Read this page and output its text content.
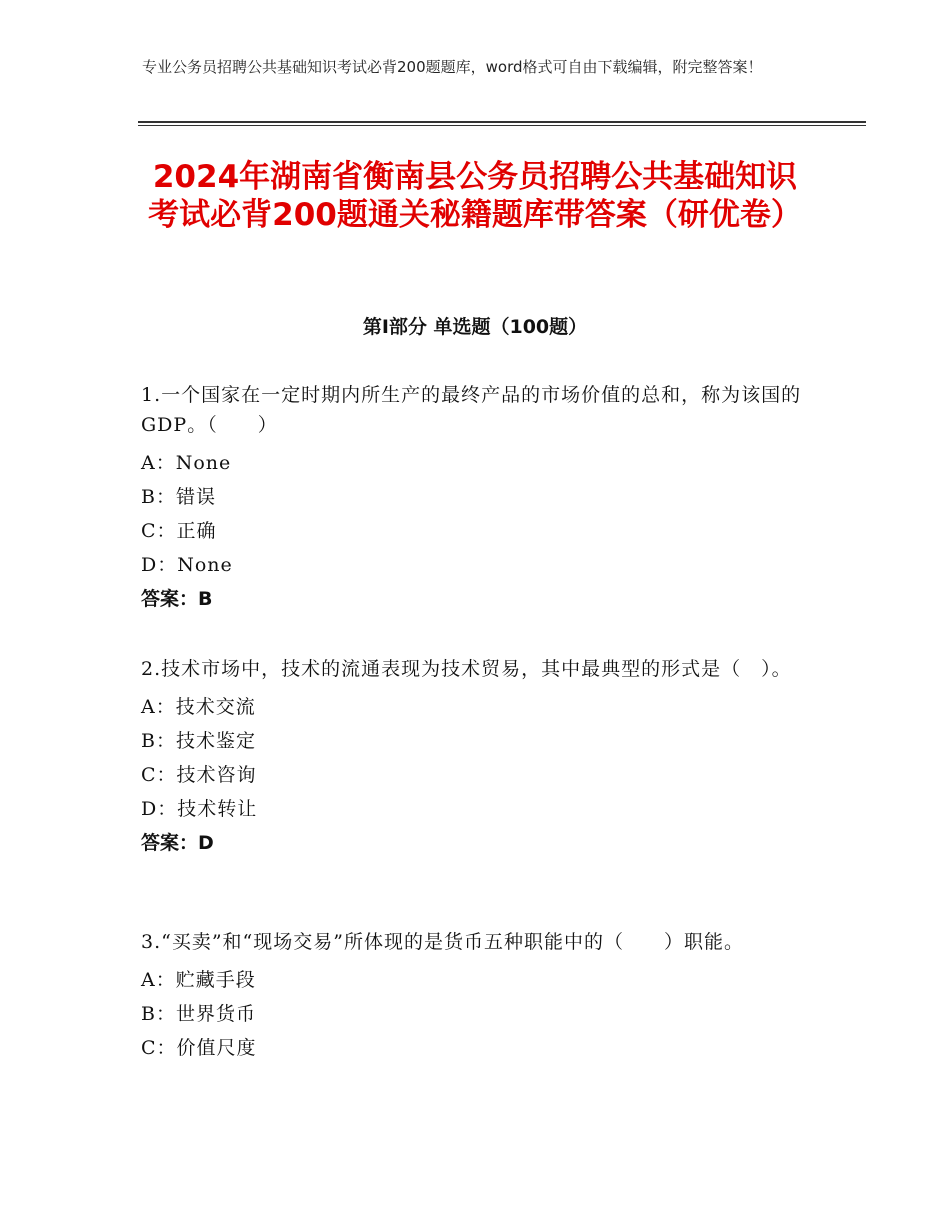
专业公务员招聘公共基础知识考试必背200题题库，word格式可自由下载编辑，附完整答案！
2024年湖南省衡南县公务员招聘公共基础知识考试必背200题通关秘籍题库带答案（研优卷）
第Ⅰ部分 单选题（100题）

1.一个国家在一定时期内所生产的最终产品的市场价值的总和，称为该国的GDP。（　　）

A：None
B：错误
C：正确
D：None
答案：B

2.技术市场中，技术的流通表现为技术贸易，其中最典型的形式是（　）。

A：技术交流
B：技术鉴定
C：技术咨询
D：技术转让
答案：D

3.“买卖”和“现场交易”所体现的是货币五种职能中的（　　）职能。

A：贮藏手段
B：世界货币
C：价值尺度
